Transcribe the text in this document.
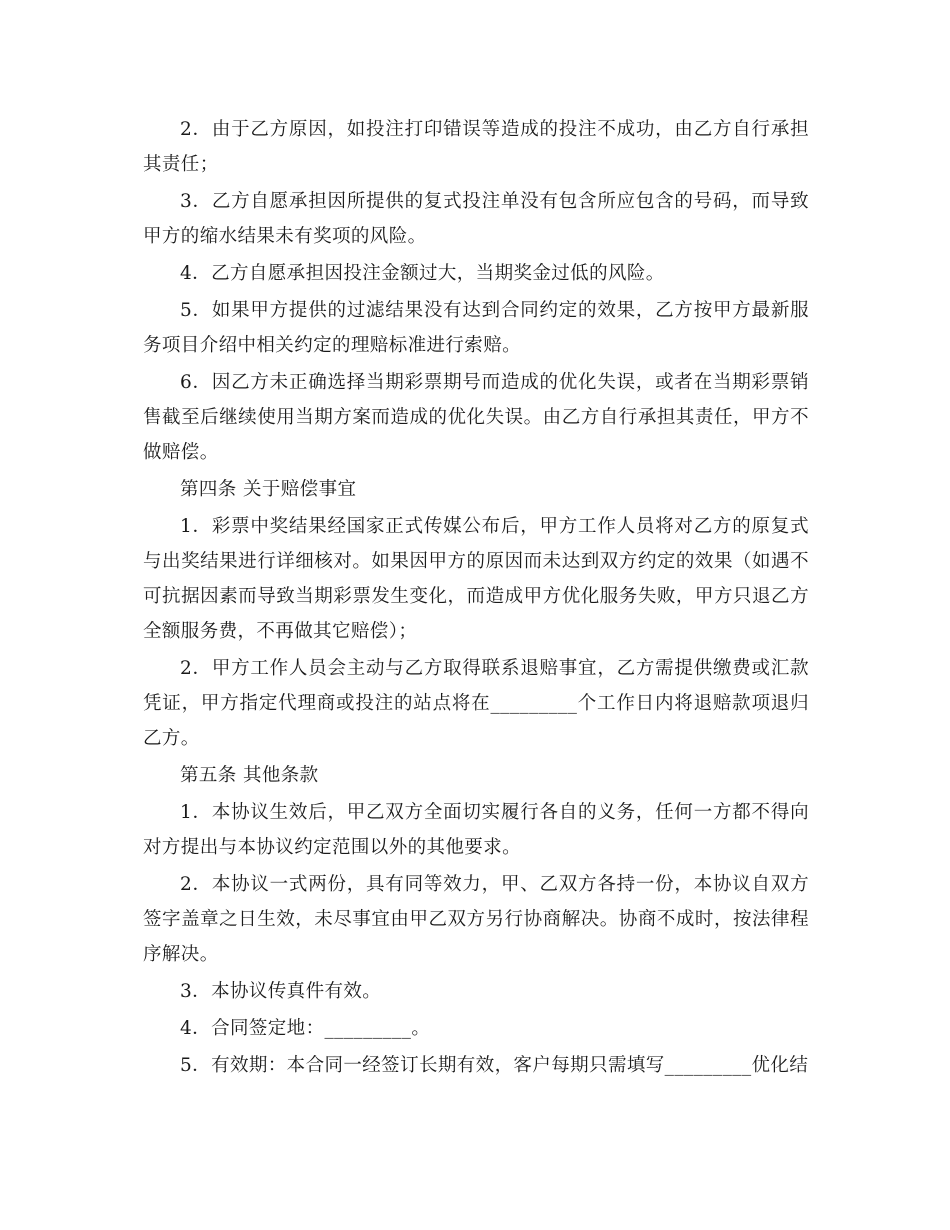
2．由于乙方原因，如投注打印错误等造成的投注不成功，由乙方自行承担其责任；

3．乙方自愿承担因所提供的复式投注单没有包含所应包含的号码，而导致甲方的缩水结果未有奖项的风险。

4．乙方自愿承担因投注金额过大，当期奖金过低的风险。

5．如果甲方提供的过滤结果没有达到合同约定的效果，乙方按甲方最新服务项目介绍中相关约定的理赔标准进行索赔。

6．因乙方未正确选择当期彩票期号而造成的优化失误，或者在当期彩票销售截至后继续使用当期方案而造成的优化失误。由乙方自行承担其责任，甲方不做赔偿。

第四条 关于赔偿事宜

1．彩票中奖结果经国家正式传媒公布后，甲方工作人员将对乙方的原复式与出奖结果进行详细核对。如果因甲方的原因而未达到双方约定的效果（如遇不可抗据因素而导致当期彩票发生变化，而造成甲方优化服务失败，甲方只退乙方全额服务费，不再做其它赔偿）；

2．甲方工作人员会主动与乙方取得联系退赔事宜，乙方需提供缴费或汇款凭证，甲方指定代理商或投注的站点将在_________个工作日内将退赔款项退归乙方。

第五条 其他条款

1．本协议生效后，甲乙双方全面切实履行各自的义务，任何一方都不得向对方提出与本协议约定范围以外的其他要求。

2．本协议一式两份，具有同等效力，甲、乙双方各持一份，本协议自双方签字盖章之日生效，未尽事宜由甲乙双方另行协商解决。协商不成时，按法律程序解决。

3．本协议传真件有效。

4．合同签定地：_________。

5．有效期：本合同一经签订长期有效，客户每期只需填写_________优化结
